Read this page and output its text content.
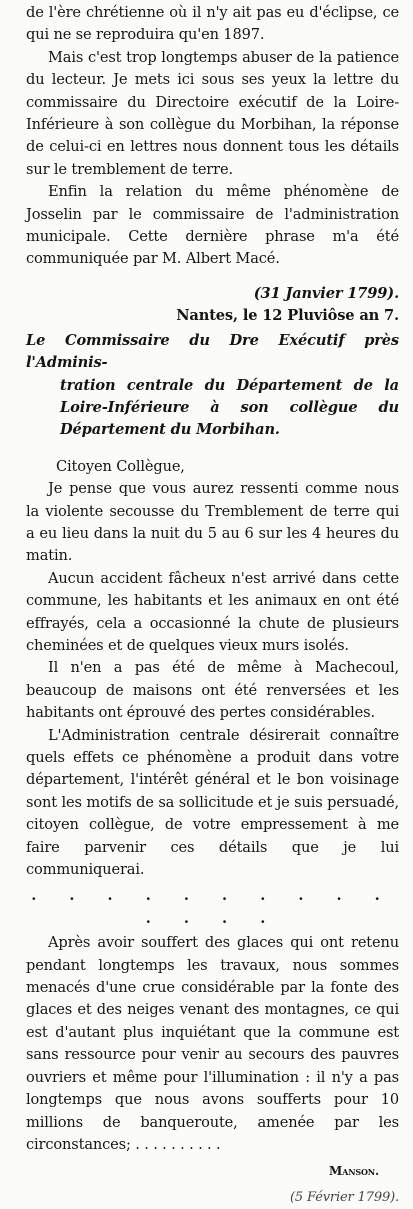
de l'ère chrétienne où il n'y ait pas eu d'éclipse, ce qui ne se reproduira qu'en 1897.

Mais c'est trop longtemps abuser de la patience du lecteur. Je mets ici sous ses yeux la lettre du commissaire du Directoire exécutif de la Loire-Inférieure à son collègue du Morbihan, la réponse de celui-ci en lettres nous donnent tous les détails sur le tremblement de terre.

Enfin la relation du même phénomène de Josselin par le commissaire de l'administration municipale. Cette dernière phrase m'a été communiquée par M. Albert Macé.

(31 Janvier 1799).

Nantes, le 12 Pluviôse an 7.

Le Commissaire du Dre Exécutif près l'Adminis-
tration centrale du Département de la Loire-Inférieure à son collègue du Département du Morbihan.

Citoyen Collègue,

Je pense que vous aurez ressenti comme nous la violente secousse du Tremblement de terre qui a eu lieu dans la nuit du 5 au 6 sur les 4 heures du matin.

Aucun accident fâcheux n'est arrivé dans cette commune, les habitants et les animaux en ont été effrayés, cela a occasionné la chute de plusieurs cheminées et de quelques vieux murs isolés.

Il n'en a pas été de même à Machecoul, beaucoup de maisons ont été renversées et les habitants ont éprouvé des pertes considérables.

L'Administration centrale désirerait connaître quels effets ce phénomène a produit dans votre département, l'intérêt général et le bon voisinage sont les motifs de sa sollicitude et je suis persuadé, citoyen collègue, de votre empressement à me faire parvenir ces détails que je lui communiquerai.

. . . . . . . . . . . . . .

Après avoir souffert des glaces qui ont retenu pendant longtemps les travaux, nous sommes menacés d'une crue considérable par la fonte des glaces et des neiges venant des montagnes, ce qui est d'autant plus inquiétant que la commune est sans ressource pour venir au secours des pauvres ouvriers et même pour l'illumination : il n'y a pas longtemps que nous avons soufferts pour 10 millions de banqueroute, amenée par les circonstances; . . . . . . . . . .

Manson.

(5 Février 1799).
